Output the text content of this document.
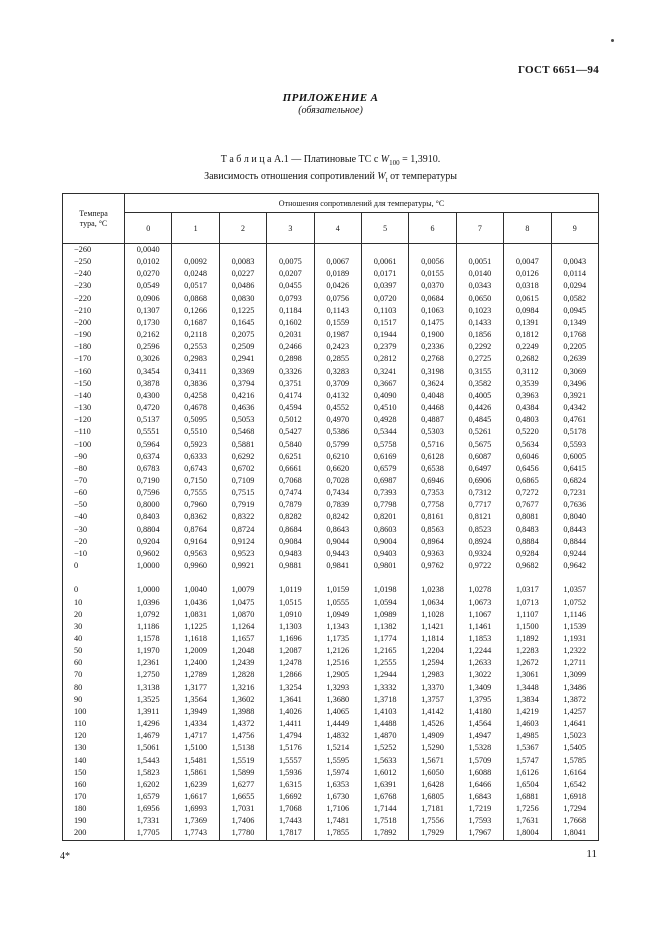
ГОСТ 6651—94
ПРИЛОЖЕНИЕ А
(обязательное)
Т а б л и ц а А.1 — Платиновые ТС с $W_{100} = 1,3910$.
Зависимость отношения сопротивлений $W_t$ от температуры
Темпера
тура, °С	Отношения сопротивлений для температуры, °С									
	0	1	2	3	4	5	6	7	8	9
−260	0,0040									
−250	0,0102	0,0092	0,0083	0,0075	0,0067	0,0061	0,0056	0,0051	0,0047	0,0043
−240	0,0270	0,0248	0,0227	0,0207	0,0189	0,0171	0,0155	0,0140	0,0126	0,0114
−230	0,0549	0,0517	0,0486	0,0455	0,0426	0,0397	0,0370	0,0343	0,0318	0,0294
−220	0,0906	0,0868	0,0830	0,0793	0,0756	0,0720	0,0684	0,0650	0,0615	0,0582
−210	0,1307	0,1266	0,1225	0,1184	0,1143	0,1103	0,1063	0,1023	0,0984	0,0945
−200	0,1730	0,1687	0,1645	0,1602	0,1559	0,1517	0,1475	0,1433	0,1391	0,1349
−190	0,2162	0,2118	0,2075	0,2031	0,1987	0,1944	0,1900	0,1856	0,1812	0,1768
−180	0,2596	0,2553	0,2509	0,2466	0,2423	0,2379	0,2336	0,2292	0,2249	0,2205
−170	0,3026	0,2983	0,2941	0,2898	0,2855	0,2812	0,2768	0,2725	0,2682	0,2639
−160	0,3454	0,3411	0,3369	0,3326	0,3283	0,3241	0,3198	0,3155	0,3112	0,3069
−150	0,3878	0,3836	0,3794	0,3751	0,3709	0,3667	0,3624	0,3582	0,3539	0,3496
−140	0,4300	0,4258	0,4216	0,4174	0,4132	0,4090	0,4048	0,4005	0,3963	0,3921
−130	0,4720	0,4678	0,4636	0,4594	0,4552	0,4510	0,4468	0,4426	0,4384	0,4342
−120	0,5137	0,5095	0,5053	0,5012	0,4970	0,4928	0,4887	0,4845	0,4803	0,4761
−110	0,5551	0,5510	0,5468	0,5427	0,5386	0,5344	0,5303	0,5261	0,5220	0,5178
−100	0,5964	0,5923	0,5881	0,5840	0,5799	0,5758	0,5716	0,5675	0,5634	0,5593
−90	0,6374	0,6333	0,6292	0,6251	0,6210	0,6169	0,6128	0,6087	0,6046	0,6005
−80	0,6783	0,6743	0,6702	0,6661	0,6620	0,6579	0,6538	0,6497	0,6456	0,6415
−70	0,7190	0,7150	0,7109	0,7068	0,7028	0,6987	0,6946	0,6906	0,6865	0,6824
−60	0,7596	0,7555	0,7515	0,7474	0,7434	0,7393	0,7353	0,7312	0,7272	0,7231
−50	0,8000	0,7960	0,7919	0,7879	0,7839	0,7798	0,7758	0,7717	0,7677	0,7636
−40	0,8403	0,8362	0,8322	0,8282	0,8242	0,8201	0,8161	0,8121	0,8081	0,8040
−30	0,8804	0,8764	0,8724	0,8684	0,8643	0,8603	0,8563	0,8523	0,8483	0,8443
−20	0,9204	0,9164	0,9124	0,9084	0,9044	0,9004	0,8964	0,8924	0,8884	0,8844
−10	0,9602	0,9563	0,9523	0,9483	0,9443	0,9403	0,9363	0,9324	0,9284	0,9244
0	1,0000	0,9960	0,9921	0,9881	0,9841	0,9801	0,9762	0,9722	0,9682	0,9642

0	1,0000	1,0040	1,0079	1,0119	1,0159	1,0198	1,0238	1,0278	1,0317	1,0357
10	1,0396	1,0436	1,0475	1,0515	1,0555	1,0594	1,0634	1,0673	1,0713	1,0752
20	1,0792	1,0831	1,0870	1,0910	1,0949	1,0989	1,1028	1,1067	1,1107	1,1146
30	1,1186	1,1225	1,1264	1,1303	1,1343	1,1382	1,1421	1,1461	1,1500	1,1539
40	1,1578	1,1618	1,1657	1,1696	1,1735	1,1774	1,1814	1,1853	1,1892	1,1931
50	1,1970	1,2009	1,2048	1,2087	1,2126	1,2165	1,2204	1,2244	1,2283	1,2322
60	1,2361	1,2400	1,2439	1,2478	1,2516	1,2555	1,2594	1,2633	1,2672	1,2711
70	1,2750	1,2789	1,2828	1,2866	1,2905	1,2944	1,2983	1,3022	1,3061	1,3099
80	1,3138	1,3177	1,3216	1,3254	1,3293	1,3332	1,3370	1,3409	1,3448	1,3486
90	1,3525	1,3564	1,3602	1,3641	1,3680	1,3718	1,3757	1,3795	1,3834	1,3872
100	1,3911	1,3949	1,3988	1,4026	1,4065	1,4103	1,4142	1,4180	1,4219	1,4257
110	1,4296	1,4334	1,4372	1,4411	1,4449	1,4488	1,4526	1,4564	1,4603	1,4641
120	1,4679	1,4717	1,4756	1,4794	1,4832	1,4870	1,4909	1,4947	1,4985	1,5023
130	1,5061	1,5100	1,5138	1,5176	1,5214	1,5252	1,5290	1,5328	1,5367	1,5405
140	1,5443	1,5481	1,5519	1,5557	1,5595	1,5633	1,5671	1,5709	1,5747	1,5785
150	1,5823	1,5861	1,5899	1,5936	1,5974	1,6012	1,6050	1,6088	1,6126	1,6164
160	1,6202	1,6239	1,6277	1,6315	1,6353	1,6391	1,6428	1,6466	1,6504	1,6542
170	1,6579	1,6617	1,6655	1,6692	1,6730	1,6768	1,6805	1,6843	1,6881	1,6918
180	1,6956	1,6993	1,7031	1,7068	1,7106	1,7144	1,7181	1,7219	1,7256	1,7294
190	1,7331	1,7369	1,7406	1,7443	1,7481	1,7518	1,7556	1,7593	1,7631	1,7668
200	1,7705	1,7743	1,7780	1,7817	1,7855	1,7892	1,7929	1,7967	1,8004	1,8041
4*	11
